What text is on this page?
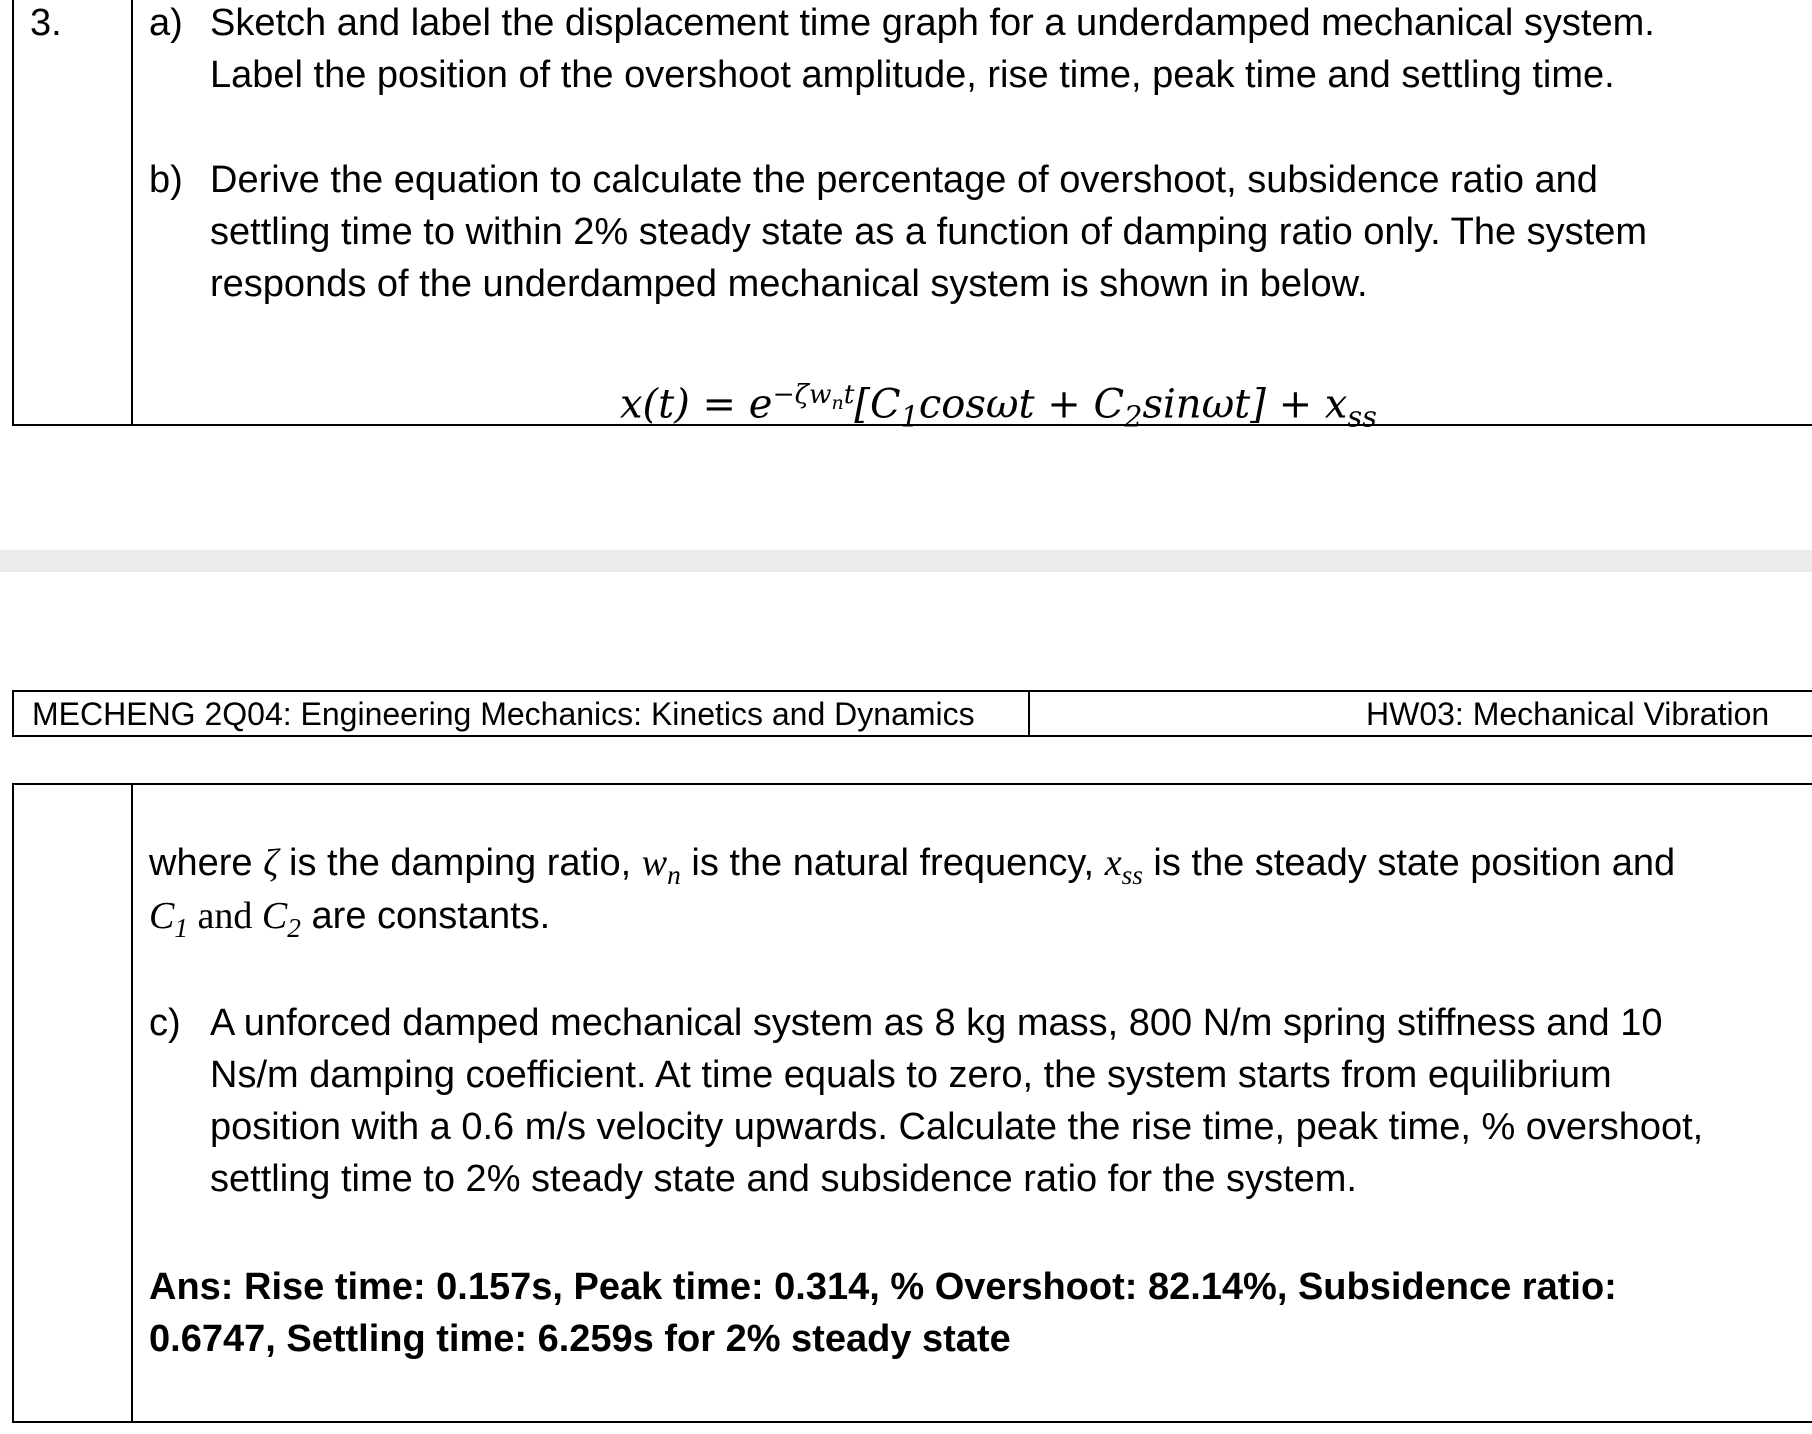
3. a) Sketch and label the displacement time graph for a underdamped mechanical system.
Label the position of the overshoot amplitude, rise time, peak time and settling time.
b) Derive the equation to calculate the percentage of overshoot, subsidence ratio and
settling time to within 2% steady state as a function of damping ratio only. The system
responds of the underdamped mechanical system is shown in below.
$x(t) = e^{-\zeta w_nt}[C_1\cos\omega t + C_2\sin\omega t] + x_{ss}$
MECHENG 2Q04: Engineering Mechanics: Kinetics and Dynamics	HW03: Mechanical Vibration
where ζ is the damping ratio, $w_n$ is the natural frequency, $x_{ss}$ is the steady state position and
$C_1$ and $C_2$ are constants.
c) A unforced damped mechanical system as 8 kg mass, 800 N/m spring stiffness and 10
Ns/m damping coefficient. At time equals to zero, the system starts from equilibrium
position with a 0.6 m/s velocity upwards. Calculate the rise time, peak time, % overshoot,
settling time to 2% steady state and subsidence ratio for the system.
Ans: Rise time: 0.157s, Peak time: 0.314, % Overshoot: 82.14%, Subsidence ratio:
0.6747, Settling time: 6.259s for 2% steady state
